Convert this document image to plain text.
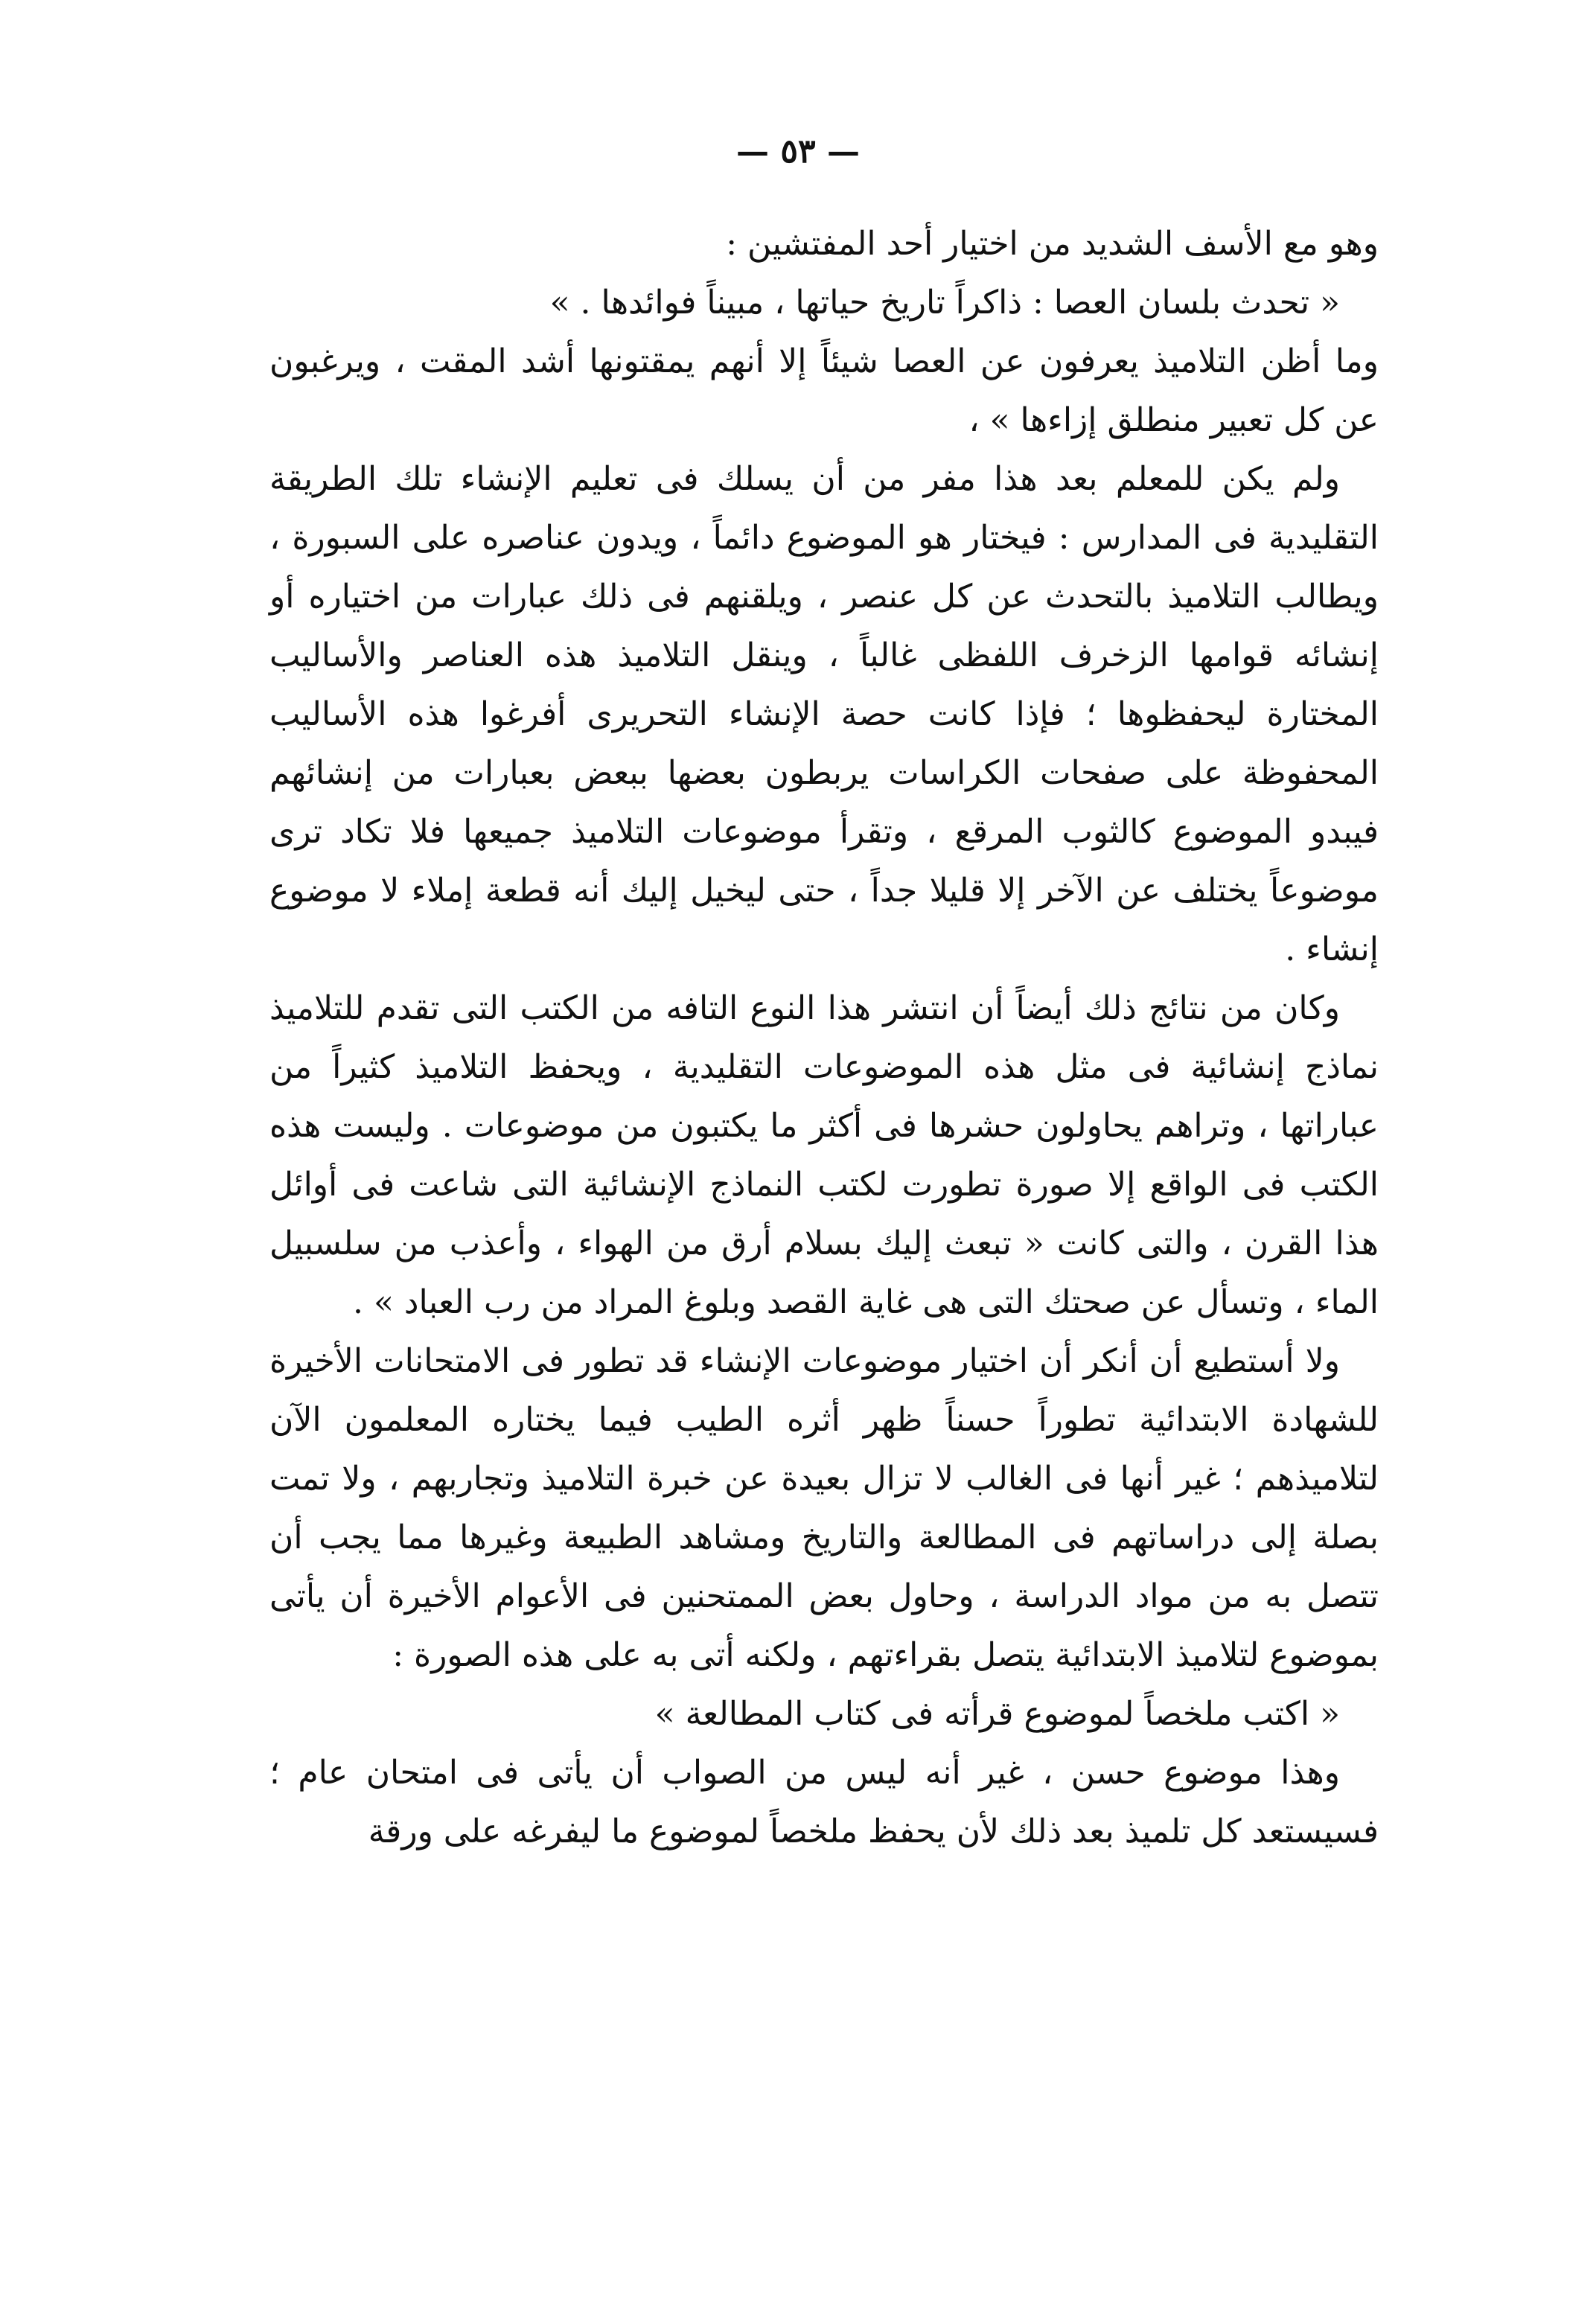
— ٥٣ —

وهو مع الأسف الشديد من اختيار أحد المفتشين :

« تحدث بلسان العصا : ذاكراً تاريخ حياتها ، مبيناً فوائدها . »

وما أظن التلاميذ يعرفون عن العصا شيئاً إلا أنهم يمقتونها أشد المقت ، ويرغبون عن كل تعبير منطلق إزاءها » ،

ولم يكن للمعلم بعد هذا مفر من أن يسلك فى تعليم الإنشاء تلك الطريقة التقليدية فى المدارس : فيختار هو الموضوع دائماً ، ويدون عناصره على السبورة ، ويطالب التلاميذ بالتحدث عن كل عنصر ، ويلقنهم فى ذلك عبارات من اختياره أو إنشائه قوامها الزخرف اللفظى غالباً ، وينقل التلاميذ هذه العناصر والأساليب المختارة ليحفظوها ؛ فإذا كانت حصة الإنشاء التحريرى أفرغوا هذه الأساليب المحفوظة على صفحات الكراسات يربطون بعضها ببعض بعبارات من إنشائهم فيبدو الموضوع كالثوب المرقع ، وتقرأ موضوعات التلاميذ جميعها فلا تكاد ترى موضوعاً يختلف عن الآخر إلا قليلا جداً ، حتى ليخيل إليك أنه قطعة إملاء لا موضوع إنشاء .

وكان من نتائج ذلك أيضاً أن انتشر هذا النوع التافه من الكتب التى تقدم للتلاميذ نماذج إنشائية فى مثل هذه الموضوعات التقليدية ، ويحفظ التلاميذ كثيراً من عباراتها ، وتراهم يحاولون حشرها فى أكثر ما يكتبون من موضوعات . وليست هذه الكتب فى الواقع إلا صورة تطورت لكتب النماذج الإنشائية التى شاعت فى أوائل هذا القرن ، والتى كانت « تبعث إليك بسلام أرق من الهواء ، وأعذب من سلسبيل الماء ، وتسأل عن صحتك التى هى غاية القصد وبلوغ المراد من رب العباد » .

ولا أستطيع أن أنكر أن اختيار موضوعات الإنشاء قد تطور فى الامتحانات الأخيرة للشهادة الابتدائية تطوراً حسناً ظهر أثره الطيب فيما يختاره المعلمون الآن لتلاميذهم ؛ غير أنها فى الغالب لا تزال بعيدة عن خبرة التلاميذ وتجاربهم ، ولا تمت بصلة إلى دراساتهم فى المطالعة والتاريخ ومشاهد الطبيعة وغيرها مما يجب أن تتصل به من مواد الدراسة ، وحاول بعض الممتحنين فى الأعوام الأخيرة أن يأتى بموضوع لتلاميذ الابتدائية يتصل بقراءتهم ، ولكنه أتى به على هذه الصورة :

« اكتب ملخصاً لموضوع قرأته فى كتاب المطالعة »

وهذا موضوع حسن ، غير أنه ليس من الصواب أن يأتى فى امتحان عام ؛ فسيستعد كل تلميذ بعد ذلك لأن يحفظ ملخصاً لموضوع ما ليفرغه على ورقة
